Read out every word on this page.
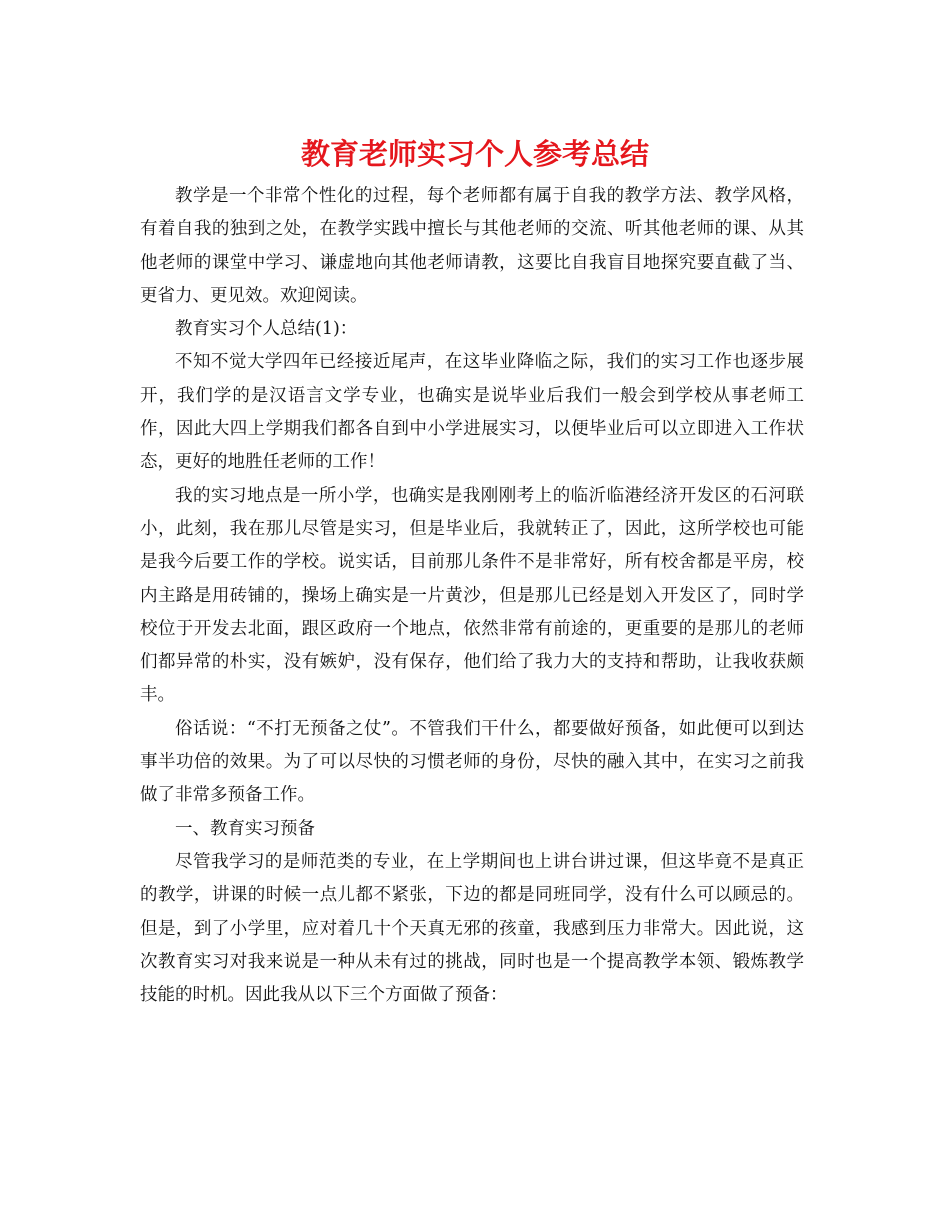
教育老师实习个人参考总结

教学是一个非常个性化的过程，每个老师都有属于自我的教学方法、教学风格，有着自我的独到之处，在教学实践中擅长与其他老师的交流、听其他老师的课、从其他老师的课堂中学习、谦虚地向其他老师请教，这要比自我盲目地探究要直截了当、更省力、更见效。欢迎阅读。

教育实习个人总结(1)：

不知不觉大学四年已经接近尾声，在这毕业降临之际，我们的实习工作也逐步展开，我们学的是汉语言文学专业，也确实是说毕业后我们一般会到学校从事老师工作，因此大四上学期我们都各自到中小学进展实习，以便毕业后可以立即进入工作状态，更好的地胜任老师的工作！

我的实习地点是一所小学，也确实是我刚刚考上的临沂临港经济开发区的石河联小，此刻，我在那儿尽管是实习，但是毕业后，我就转正了，因此，这所学校也可能是我今后要工作的学校。说实话，目前那儿条件不是非常好，所有校舍都是平房，校内主路是用砖铺的，操场上确实是一片黄沙，但是那儿已经是划入开发区了，同时学校位于开发去北面，跟区政府一个地点，依然非常有前途的，更重要的是那儿的老师们都异常的朴实，没有嫉妒，没有保存，他们给了我力大的支持和帮助，让我收获颇丰。

俗话说：“不打无预备之仗”。不管我们干什么，都要做好预备，如此便可以到达事半功倍的效果。为了可以尽快的习惯老师的身份，尽快的融入其中，在实习之前我做了非常多预备工作。

一、教育实习预备

尽管我学习的是师范类的专业，在上学期间也上讲台讲过课，但这毕竟不是真正的教学，讲课的时候一点儿都不紧张，下边的都是同班同学，没有什么可以顾忌的。但是，到了小学里，应对着几十个天真无邪的孩童，我感到压力非常大。因此说，这次教育实习对我来说是一种从未有过的挑战，同时也是一个提高教学本领、锻炼教学技能的时机。因此我从以下三个方面做了预备：
